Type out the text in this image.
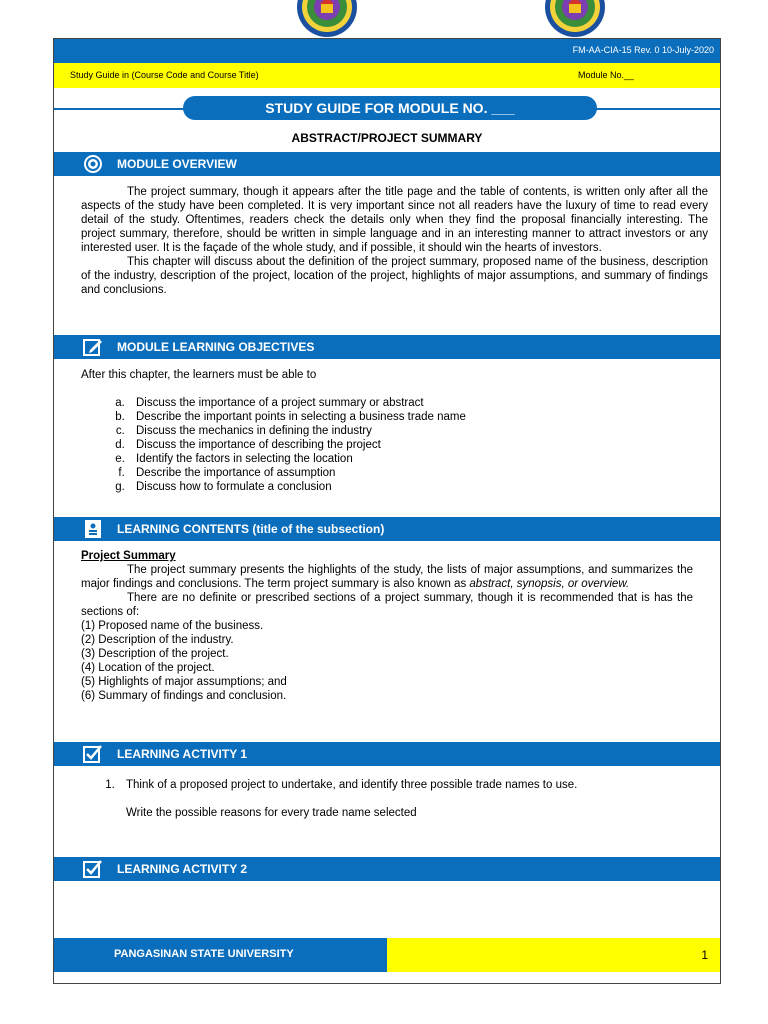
FM-AA-CIA-15 Rev. 0 10-July-2020
Study Guide in (Course Code and Course Title)	Module No.__
STUDY GUIDE FOR MODULE NO. ___
ABSTRACT/PROJECT SUMMARY
MODULE OVERVIEW
The project summary, though it appears after the title page and the table of contents, is written only after all the aspects of the study have been completed. It is very important since not all readers have the luxury of time to read every detail of the study. Oftentimes, readers check the details only when they find the proposal financially interesting. The project summary, therefore, should be written in simple language and in an interesting manner to attract investors or any interested user. It is the façade of the whole study, and if possible, it should win the hearts of investors.
This chapter will discuss about the definition of the project summary, proposed name of the business, description of the industry, description of the project, location of the project, highlights of major assumptions, and summary of findings and conclusions.
MODULE LEARNING OBJECTIVES
After this chapter, the learners must be able to
a. Discuss the importance of a project summary or abstract
b. Describe the important points in selecting a business trade name
c. Discuss the mechanics in defining the industry
d. Discuss the importance of describing the project
e. Identify the factors in selecting the location
f. Describe the importance of assumption
g. Discuss how to formulate a conclusion
LEARNING CONTENTS (title of the subsection)
Project Summary
The project summary presents the highlights of the study, the lists of major assumptions, and summarizes the major findings and conclusions. The term project summary is also known as abstract, synopsis, or overview.
There are no definite or prescribed sections of a project summary, though it is recommended that is has the sections of:
(1) Proposed name of the business.
(2) Description of the industry.
(3) Description of the project.
(4) Location of the project.
(5) Highlights of major assumptions; and
(6) Summary of findings and conclusion.
LEARNING ACTIVITY 1
1. Think of a proposed project to undertake, and identify three possible trade names to use.
Write the possible reasons for every trade name selected
LEARNING ACTIVITY 2
PANGASINAN STATE UNIVERSITY	1
